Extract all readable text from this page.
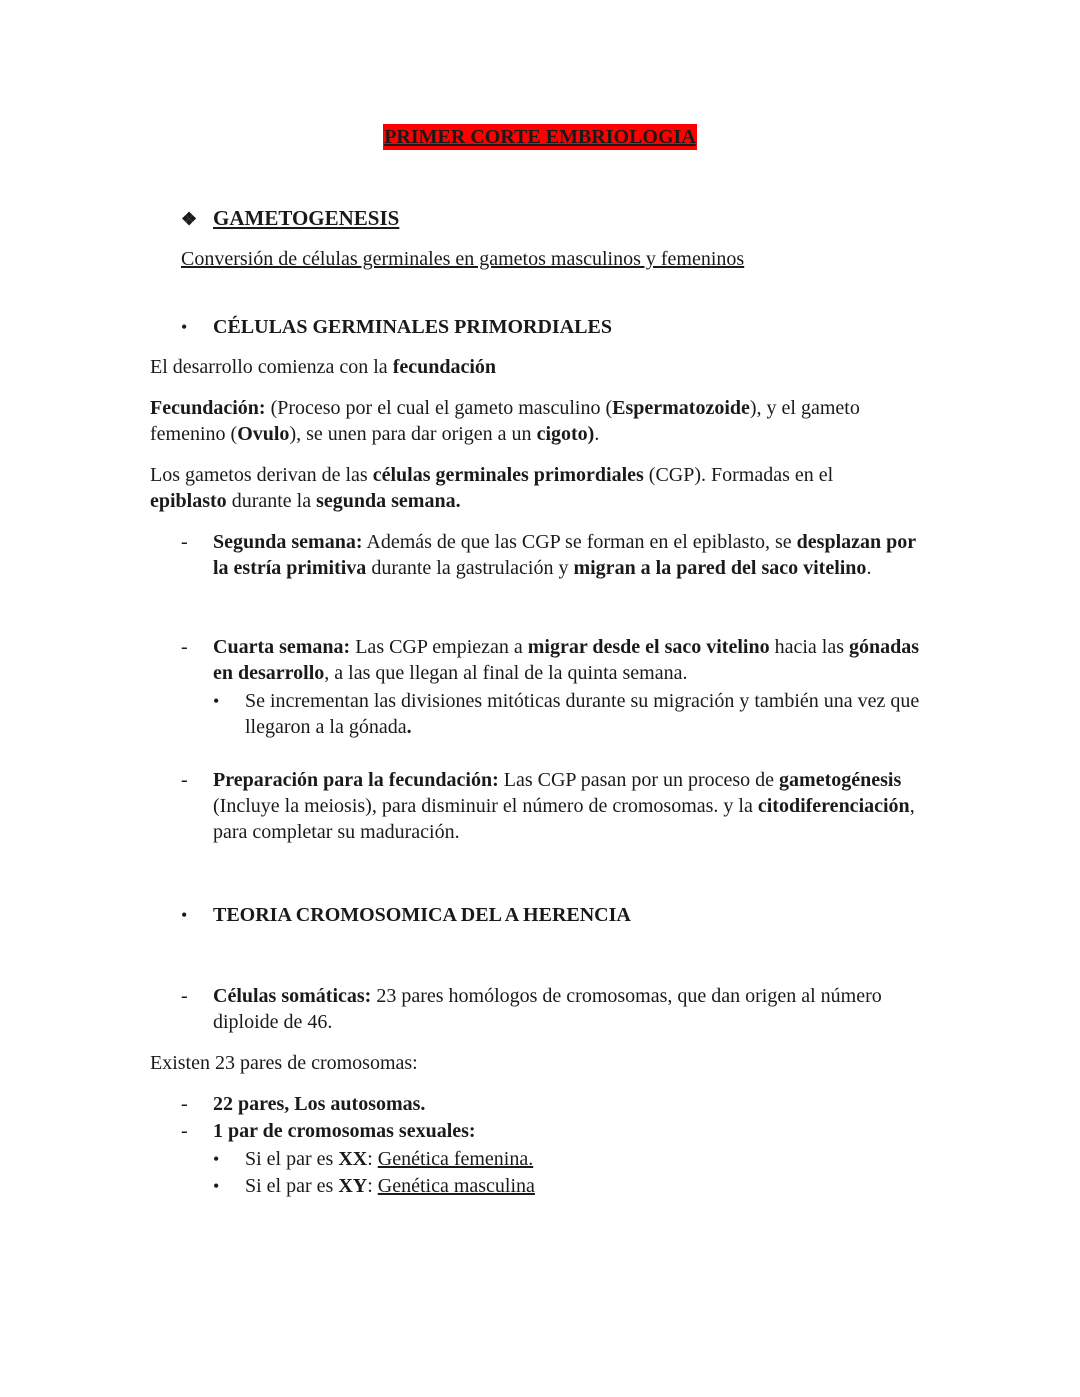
PRIMER CORTE EMBRIOLOGIA
❖ GAMETOGENESIS
Conversión de células germinales en gametos masculinos y femeninos
• CÉLULAS GERMINALES PRIMORDIALES

El desarrollo comienza con la fecundación

Fecundación: (Proceso por el cual el gameto masculino (Espermatozoide), y el gameto femenino (Ovulo), se unen para dar origen a un cigoto).

Los gametos derivan de las células germinales primordiales (CGP). Formadas en el epiblasto durante la segunda semana.

- Segunda semana: Además de que las CGP se forman en el epiblasto, se desplazan por la estría primitiva durante la gastrulación y migran a la pared del saco vitelino.

- Cuarta semana: Las CGP empiezan a migrar desde el saco vitelino hacia las gónadas en desarrollo, a las que llegan al final de la quinta semana.

• Se incrementan las divisiones mitóticas durante su migración y también una vez que llegaron a la gónada.

- Preparación para la fecundación: Las CGP pasan por un proceso de gametogénesis (Incluye la meiosis), para disminuir el número de cromosomas. y la citodiferenciación, para completar su maduración.

• TEORIA CROMOSOMICA DEL A HERENCIA
- Células somáticas: 23 pares homólogos de cromosomas, que dan origen al número diploide de 46.

Existen 23 pares de cromosomas:

- 22 pares, Los autosomas.

- 1 par de cromosomas sexuales:

• Si el par es XX: Genética femenina.

• Si el par es XY: Genética masculina
